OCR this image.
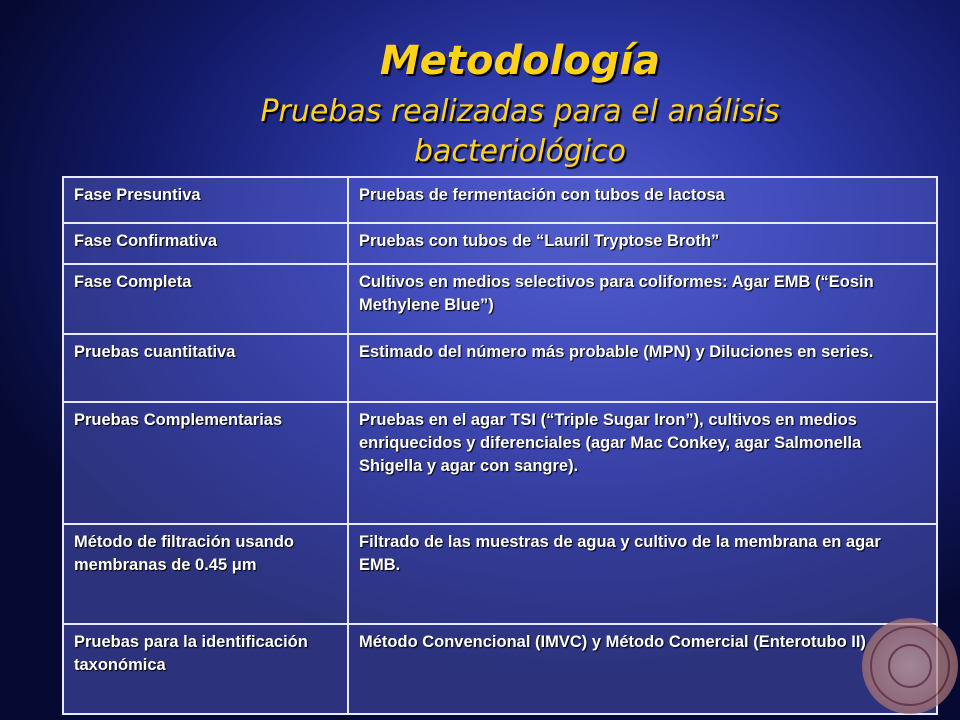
Metodología
Pruebas realizadas para el análisis
bacteriológico
Fase Presuntiva	Pruebas de fermentación con tubos de lactosa
Fase Confirmativa	Pruebas con tubos de “Lauril Tryptose Broth”
Fase Completa	Cultivos en medios selectivos para coliformes: Agar EMB (“Eosin Methylene Blue”)
Pruebas cuantitativa	Estimado del número más probable (MPN) y Diluciones en series.
Pruebas Complementarias	Pruebas en el agar TSI (“Triple Sugar Iron”), cultivos en medios enriquecidos y diferenciales (agar Mac Conkey, agar Salmonella Shigella y agar con sangre).
Método de filtración usando membranas de 0.45 μm	Filtrado de las muestras de agua y cultivo de la membrana en agar EMB.
Pruebas para la identificación taxonómica	Método Convencional (IMVC) y Método Comercial (Enterotubo II)
